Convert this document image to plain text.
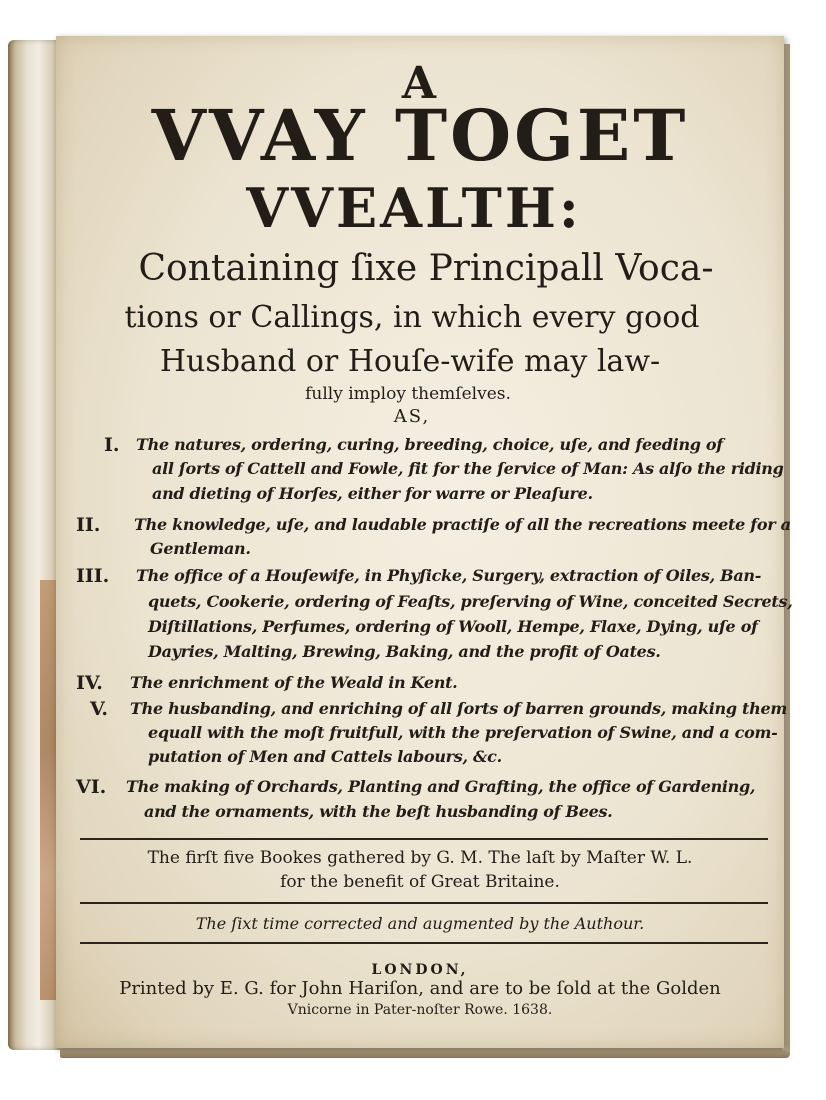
A
VVAY TOGET
VVEALTH:
Containing ſixe Principall Voca-
tions or Callings, in which every good
Husband or Houſe-wife may law-
fully imploy themſelves.
AS,
I. The natures, ordering, curing, breeding, choice, uſe, and feeding of
all ſorts of Cattell and Fowle, fit for the ſervice of Man: As alſo the riding
and dieting of Horſes, either for warre or Pleaſure.
II. The knowledge, uſe, and laudable practiſe of all the recreations meete for a
Gentleman.
III. The office of a Houſewife, in Phyſicke, Surgery, extraction of Oiles, Ban-
quets, Cookerie, ordering of Feaſts, preſerving of Wine, conceited Secrets,
Diſtillations, Perfumes, ordering of Wooll, Hempe, Flaxe, Dying, uſe of
Dayries, Malting, Brewing, Baking, and the profit of Oates.
IV. The enrichment of the Weald in Kent.
V. The husbanding, and enriching of all ſorts of barren grounds, making them
equall with the moſt fruitfull, with the preſervation of Swine, and a com-
putation of Men and Cattels labours, &c.
VI. The making of Orchards, Planting and Grafting, the office of Gardening,
and the ornaments, with the beſt husbanding of Bees.
The firſt five Bookes gathered by G. M. The laſt by Maſter W. L.
for the benefit of Great Britaine.
The ſixt time corrected and augmented by the Authour.
LONDON,
Printed by E. G. for John Hariſon, and are to be ſold at the Golden
Vnicorne in Pater-noſter Rowe. 1638.
